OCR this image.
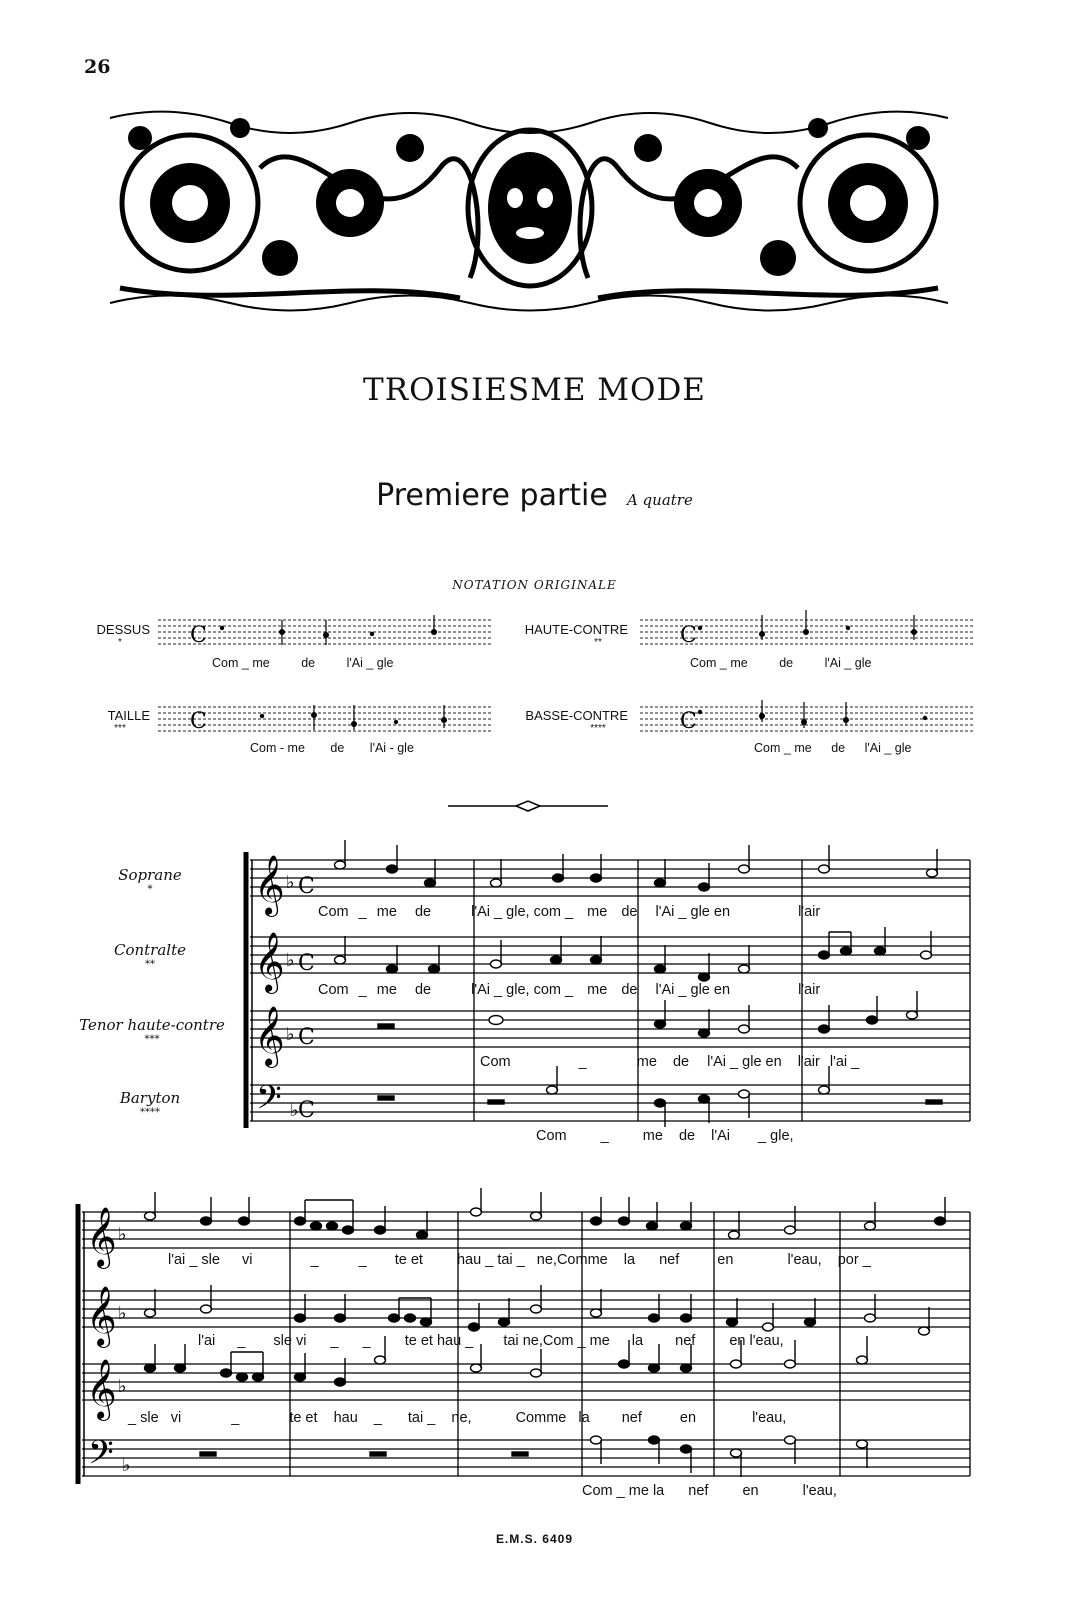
26
TROISIESME MODE
Premiere partie A quatre
NOTATION ORIGINALE
DESSUS
*
HAUTE-CONTRE
**
TAILLE
***
BASSE-CONTRE
****
C	C
C	C
Com _ me	de	l'Ai _ gle	Com _ me	de	l'Ai _ gle
Com - me de l'Ai - gle	Com _ me de l'Ai _ gle
Soprane
*
Contralte
**
Tenor haute-contre
***
Baryton
****
𝄞
𝄞
𝄞
𝄢
♭
♭
♭
♭
C
C
C
C
Com _ me de	l'Ai _ gle, com _ me de l'Ai _ gle en	l'air
Com _ me de	l'Ai _ gle, com _ me de l'Ai _ gle en	l'air
Com	_	me de l'Ai _ gle en l'air l'ai _
Com _ me de l'Ai _ gle,
𝄞
𝄞
𝄞
𝄢
♭
♭
♭
♭
l'ai _ sle vi	_	_ te et hau _ tai _ ne,Comme la nef	en	l'eau, por _
l'ai _ sle vi _ _ te et hau _ tai ne,Com _ me la nef en l'eau,
_ sle vi	_	te et hau _ tai _ ne,	Comme la nef	en	l'eau,
Com _ me la nef en	l'eau,
E.M.S. 6409
